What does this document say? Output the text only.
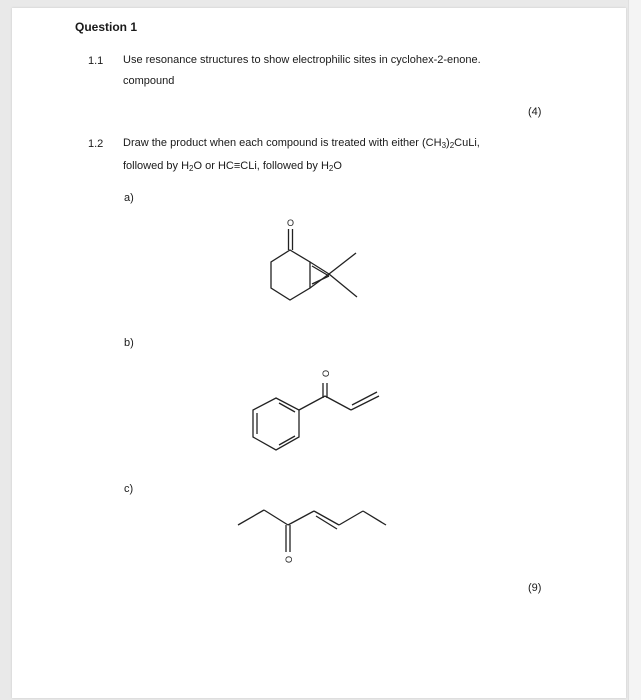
Question 1
1.1 Use resonance structures to show electrophilic sites in cyclohex-2-enone.
compound
(4)
1.2 Draw the product when each compound is treated with either $(CH_3)_2CuLi$,
followed by $H_2O$ or HC≡CLi, followed by $H_2O$
a)
b)
c)
(9)
O
O
O
